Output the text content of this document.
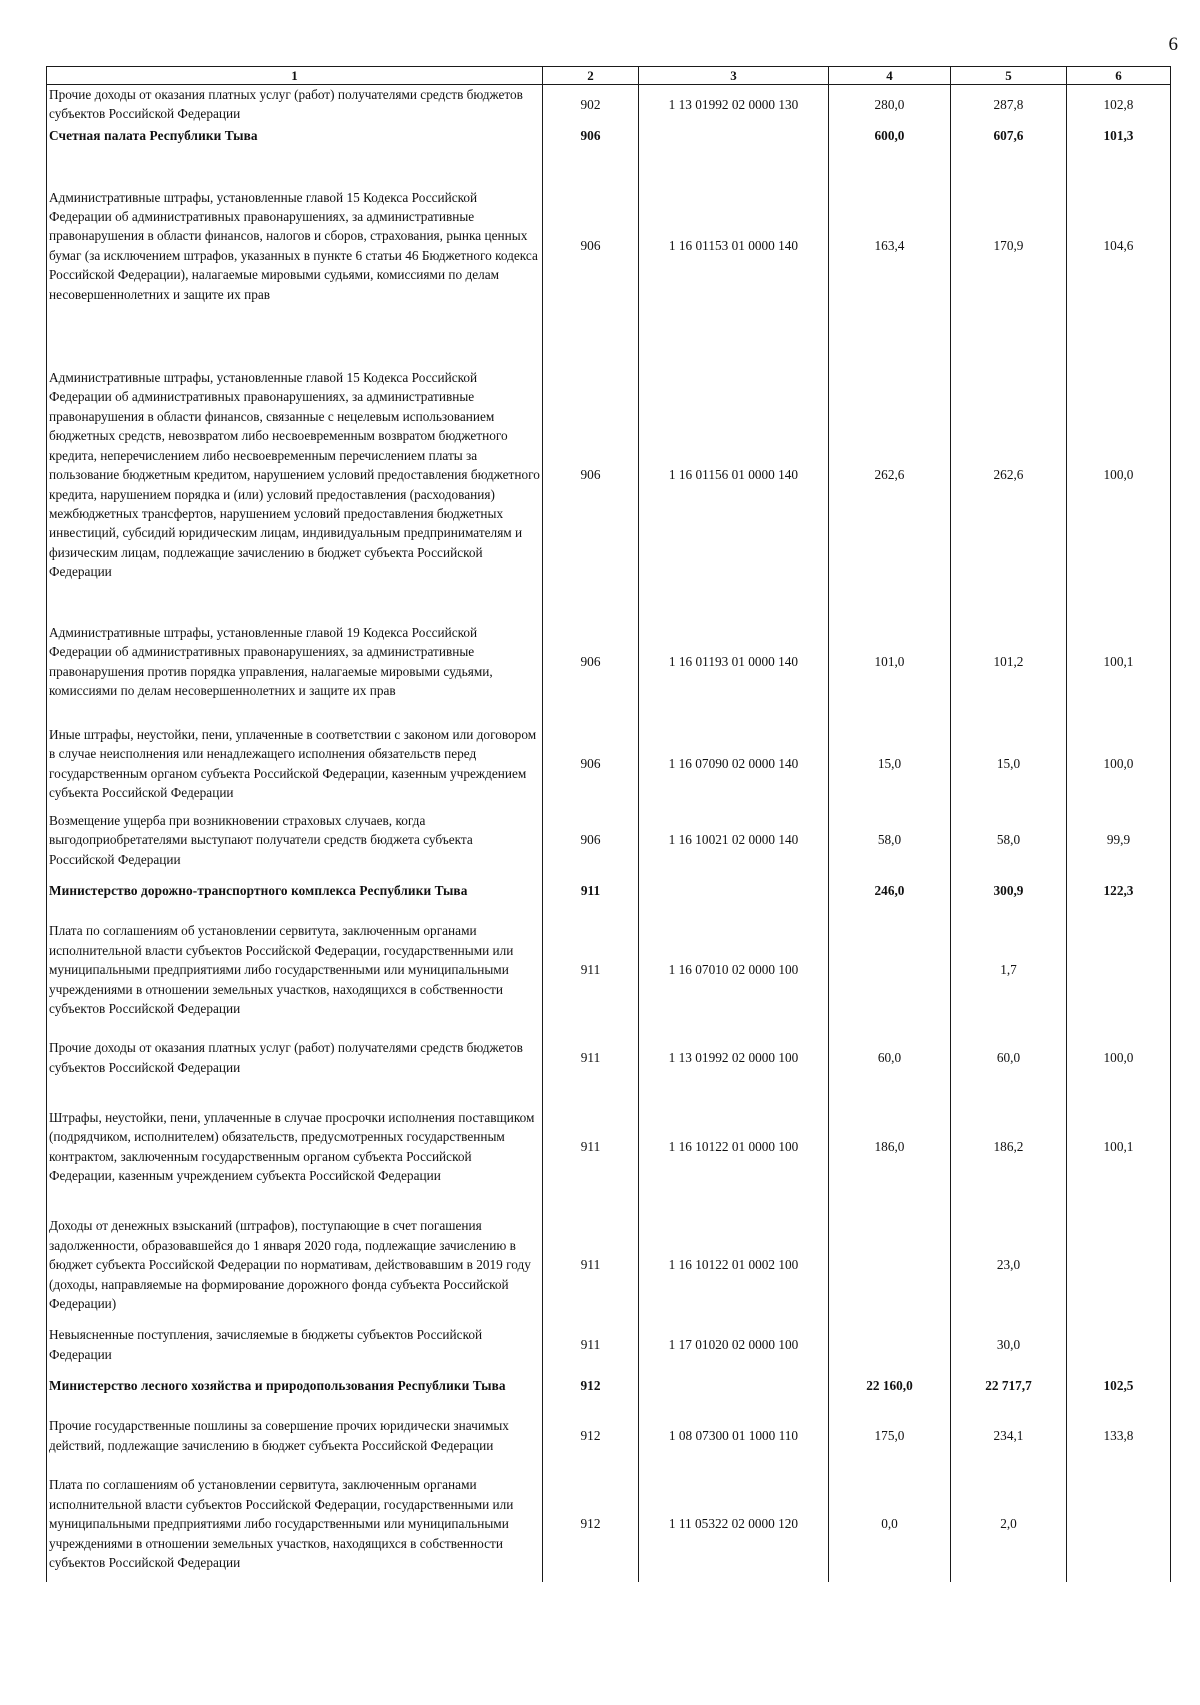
6
1	2	3	4	5	6
Прочие доходы от оказания платных услуг (работ) получателями средств бюджетов субъектов Российской Федерации	902	1 13 01992 02 0000 130	280,0	287,8	102,8
Счетная палата Республики Тыва	906		600,0	607,6	101,3
Административные штрафы, установленные главой 15 Кодекса Российской Федерации об административных правонарушениях, за административные правонарушения в области финансов, налогов и сборов, страхования, рынка ценных бумаг (за исключением штрафов, указанных в пункте 6 статьи 46 Бюджетного кодекса Российской Федерации), налагаемые мировыми судьями, комиссиями по делам несовершеннолетних и защите их прав	906	1 16 01153 01 0000 140	163,4	170,9	104,6
Административные штрафы, установленные главой 15 Кодекса Российской Федерации об административных правонарушениях, за административные правонарушения в области финансов, связанные с нецелевым использованием бюджетных средств, невозвратом либо несвоевременным возвратом бюджетного кредита, неперечислением либо несвоевременным перечислением платы за пользование бюджетным кредитом, нарушением условий предоставления бюджетного кредита, нарушением порядка и (или) условий предоставления (расходования) межбюджетных трансфертов, нарушением условий предоставления бюджетных инвестиций, субсидий юридическим лицам, индивидуальным предпринимателям и физическим лицам, подлежащие зачислению в бюджет субъекта Российской Федерации	906	1 16 01156 01 0000 140	262,6	262,6	100,0
Административные штрафы, установленные главой 19 Кодекса Российской Федерации об административных правонарушениях, за административные правонарушения против порядка управления, налагаемые мировыми судьями, комиссиями по делам несовершеннолетних и защите их прав	906	1 16 01193 01 0000 140	101,0	101,2	100,1
Иные штрафы, неустойки, пени, уплаченные в соответствии с законом или договором в случае неисполнения или ненадлежащего исполнения обязательств перед государственным органом субъекта Российской Федерации, казенным учреждением субъекта Российской Федерации	906	1 16 07090 02 0000 140	15,0	15,0	100,0
Возмещение ущерба при возникновении страховых случаев, когда выгодоприобретателями выступают получатели средств бюджета субъекта Российской Федерации	906	1 16 10021 02 0000 140	58,0	58,0	99,9
Министерство дорожно-транспортного комплекса Республики Тыва	911		246,0	300,9	122,3
Плата по соглашениям об установлении сервитута, заключенным органами исполнительной власти субъектов Российской Федерации, государственными или муниципальными предприятиями либо государственными или муниципальными учреждениями в отношении земельных участков, находящихся в собственности субъектов Российской Федерации	911	1 16 07010 02 0000 100		1,7	
Прочие доходы от оказания платных услуг (работ) получателями средств бюджетов субъектов Российской Федерации	911	1 13 01992 02 0000 100	60,0	60,0	100,0
Штрафы, неустойки, пени, уплаченные в случае просрочки исполнения поставщиком (подрядчиком, исполнителем) обязательств, предусмотренных государственным контрактом, заключенным государственным органом субъекта Российской Федерации, казенным учреждением субъекта Российской Федерации	911	1 16 10122 01 0000 100	186,0	186,2	100,1
Доходы от денежных взысканий (штрафов), поступающие в счет погашения задолженности, образовавшейся до 1 января 2020 года, подлежащие зачислению в бюджет субъекта Российской Федерации по нормативам, действовавшим в 2019 году (доходы, направляемые на формирование дорожного фонда субъекта Российской Федерации)	911	1 16 10122 01 0002 100		23,0	
Невыясненные поступления, зачисляемые в бюджеты субъектов Российской Федерации	911	1 17 01020 02 0000 100		30,0	
Министерство лесного хозяйства и природопользования Республики Тыва	912		22 160,0	22 717,7	102,5
Прочие государственные пошлины за совершение прочих юридически значимых действий, подлежащие зачислению в бюджет субъекта Российской Федерации	912	1 08 07300 01 1000 110	175,0	234,1	133,8
Плата по соглашениям об установлении сервитута, заключенным органами исполнительной власти субъектов Российской Федерации, государственными или муниципальными предприятиями либо государственными или муниципальными учреждениями в отношении земельных участков, находящихся в собственности субъектов Российской Федерации	912	1 11 05322 02 0000 120	0,0	2,0	
